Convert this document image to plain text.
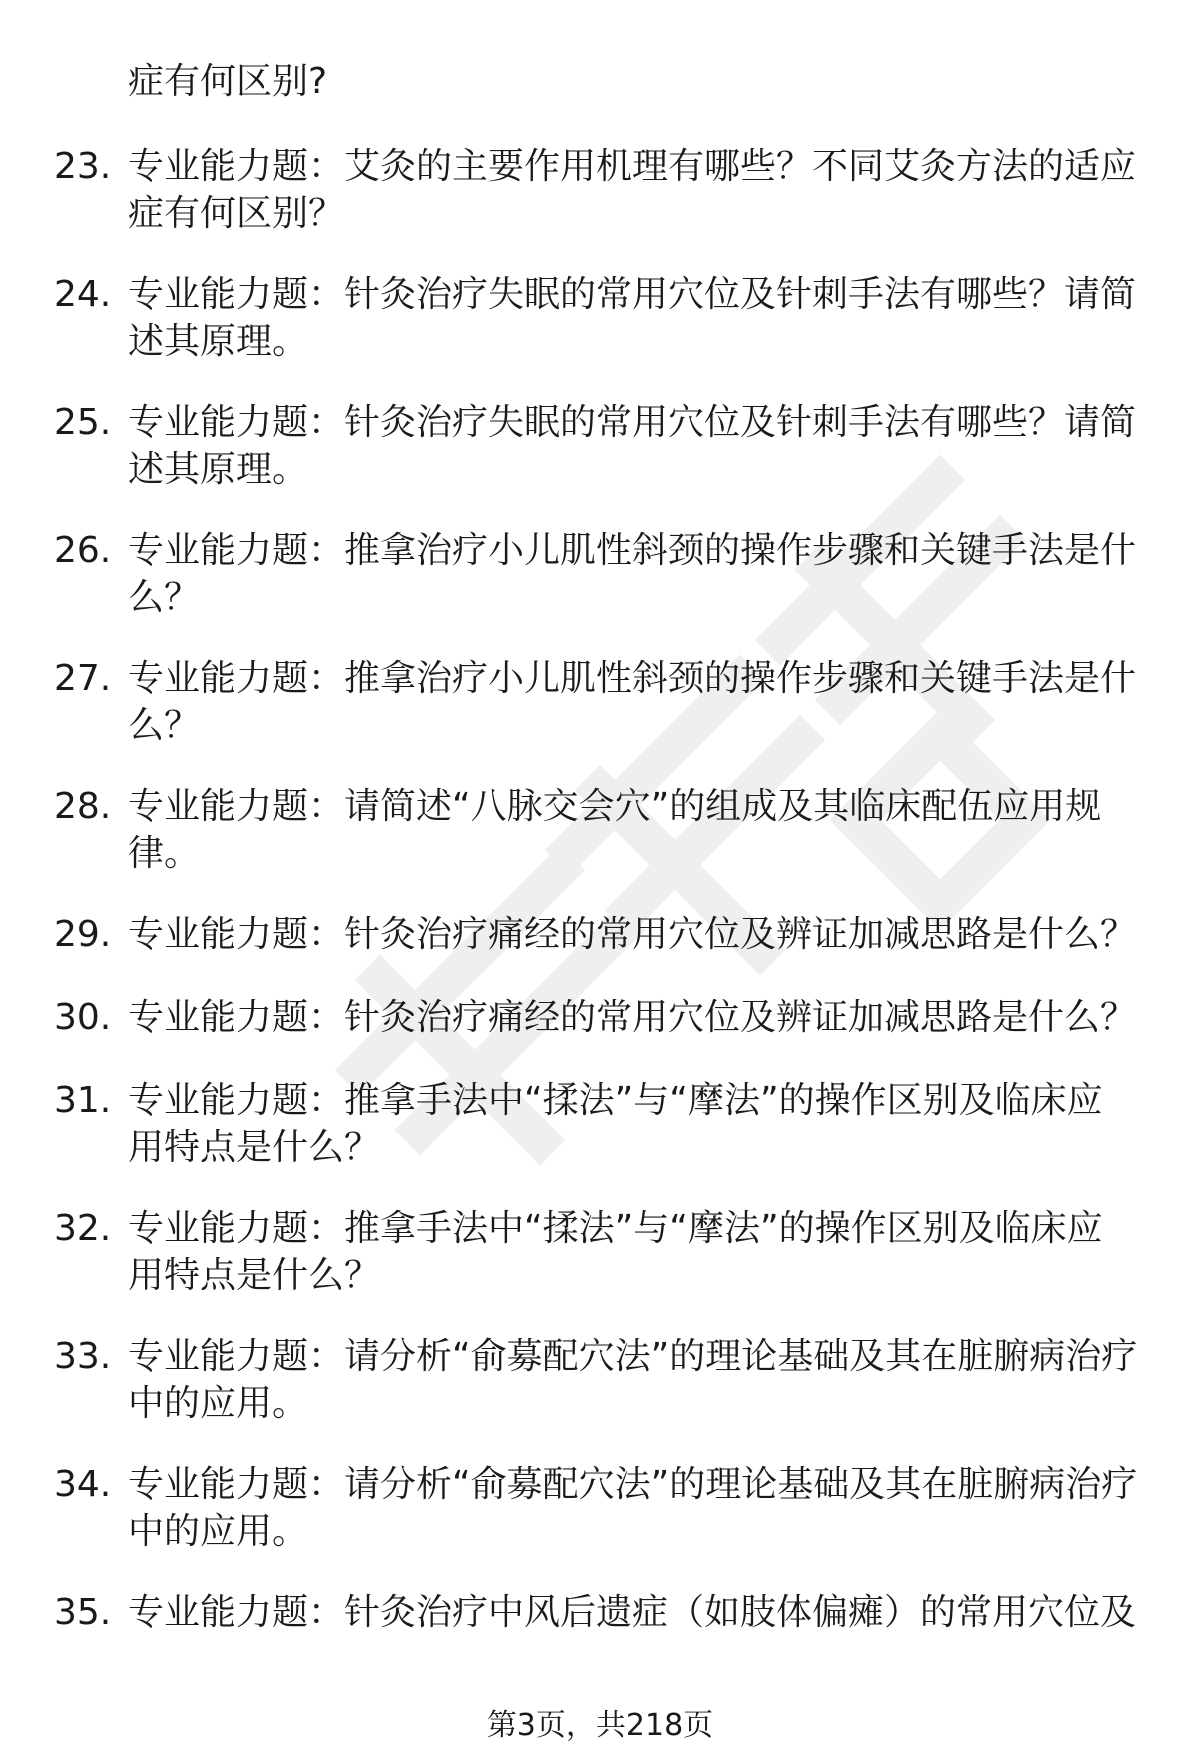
症有何区别?
23. 专业能力题：艾灸的主要作用机理有哪些？不同艾灸方法的适应症有何区别？
24. 专业能力题：针灸治疗失眠的常用穴位及针刺手法有哪些？请简述其原理。
25. 专业能力题：针灸治疗失眠的常用穴位及针刺手法有哪些？请简述其原理。
26. 专业能力题：推拿治疗小儿肌性斜颈的操作步骤和关键手法是什么？
27. 专业能力题：推拿治疗小儿肌性斜颈的操作步骤和关键手法是什么？
28. 专业能力题：请简述“八脉交会穴”的组成及其临床配伍应用规律。
29. 专业能力题：针灸治疗痛经的常用穴位及辨证加减思路是什么？
30. 专业能力题：针灸治疗痛经的常用穴位及辨证加减思路是什么？
31. 专业能力题：推拿手法中“揉法”与“摩法”的操作区别及临床应用特点是什么？
32. 专业能力题：推拿手法中“揉法”与“摩法”的操作区别及临床应用特点是什么？
33. 专业能力题：请分析“俞募配穴法”的理论基础及其在脏腑病治疗中的应用。
34. 专业能力题：请分析“俞募配穴法”的理论基础及其在脏腑病治疗中的应用。
35. 专业能力题：针灸治疗中风后遗症（如肢体偏瘫）的常用穴位及
第3页，共218页
